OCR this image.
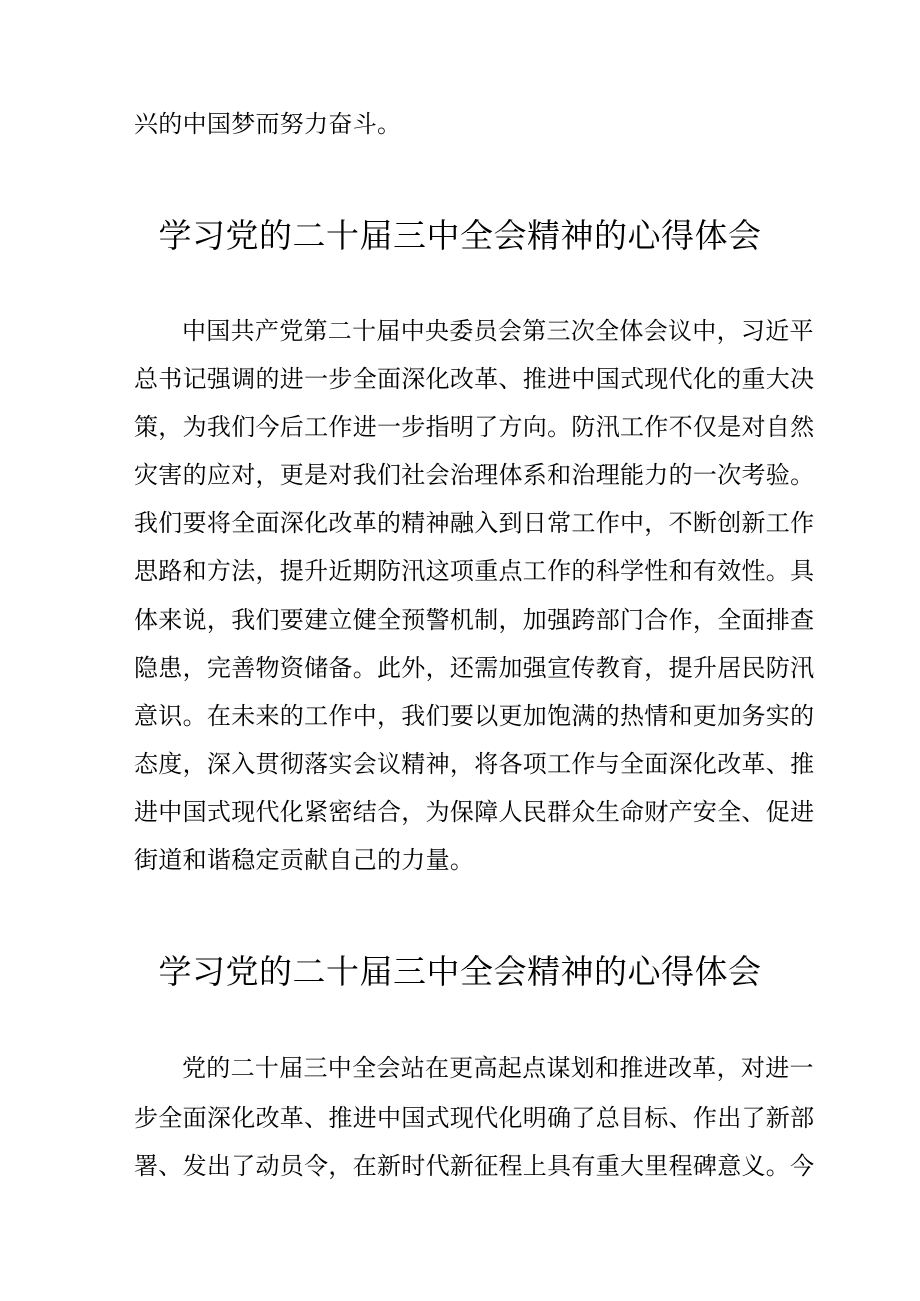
兴的中国梦而努力奋斗。
学习党的二十届三中全会精神的心得体会
中国共产党第二十届中央委员会第三次全体会议中，习近平
总书记强调的进一步全面深化改革、推进中国式现代化的重大决
策，为我们今后工作进一步指明了方向。防汛工作不仅是对自然
灾害的应对，更是对我们社会治理体系和治理能力的一次考验。
我们要将全面深化改革的精神融入到日常工作中，不断创新工作
思路和方法，提升近期防汛这项重点工作的科学性和有效性。具
体来说，我们要建立健全预警机制，加强跨部门合作，全面排查
隐患，完善物资储备。此外，还需加强宣传教育，提升居民防汛
意识。在未来的工作中，我们要以更加饱满的热情和更加务实的
态度，深入贯彻落实会议精神，将各项工作与全面深化改革、推
进中国式现代化紧密结合，为保障人民群众生命财产安全、促进
街道和谐稳定贡献自己的力量。
学习党的二十届三中全会精神的心得体会
党的二十届三中全会站在更高起点谋划和推进改革，对进一
步全面深化改革、推进中国式现代化明确了总目标、作出了新部
署、发出了动员令，在新时代新征程上具有重大里程碑意义。今
